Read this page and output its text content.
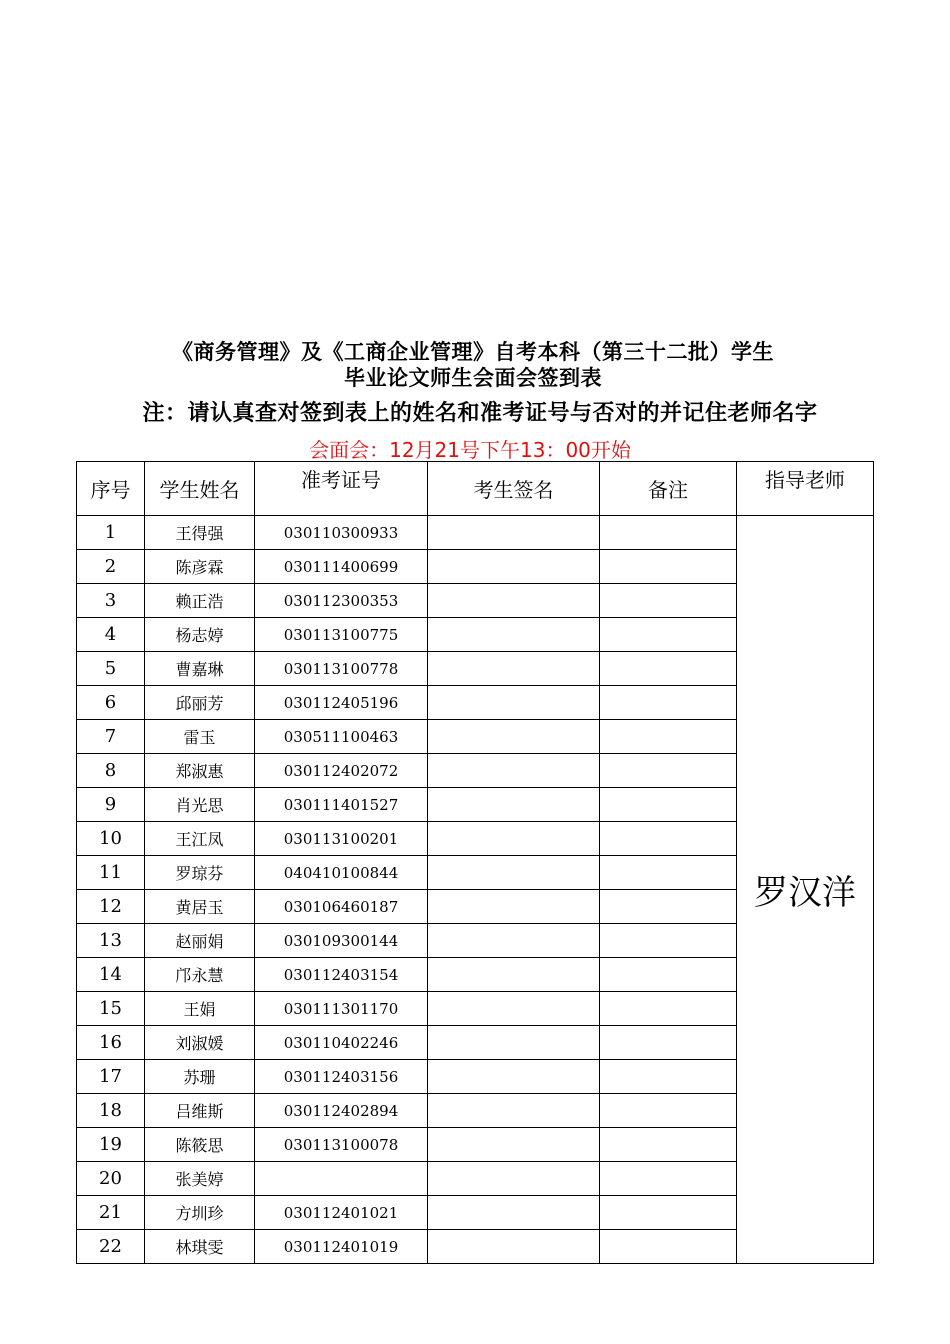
《商务管理》及《工商企业管理》自考本科（第三十二批）学生
毕业论文师生会面会签到表
注：请认真查对签到表上的姓名和准考证号与否对的并记住老师名字
会面会：12月21号下午13：00开始
序号	学生姓名	准考证号	考生签名	备注	指导老师
1	王得强	030110300933			罗汉洋
2	陈彦霖	030111400699			
3	赖正浩	030112300353			
4	杨志婷	030113100775			
5	曹嘉琳	030113100778			
6	邱丽芳	030112405196			
7	雷玉	030511100463			
8	郑淑惠	030112402072			
9	肖光思	030111401527			
10	王江凤	030113100201			
11	罗琼芬	040410100844			
12	黄居玉	030106460187			
13	赵丽娟	030109300144			
14	邝永慧	030112403154			
15	王娟	030111301170			
16	刘淑媛	030110402246			
17	苏珊	030112403156			
18	吕维斯	030112402894			
19	陈筱思	030113100078			
20	张美婷				
21	方圳珍	030112401021			
22	林琪雯	030112401019			
